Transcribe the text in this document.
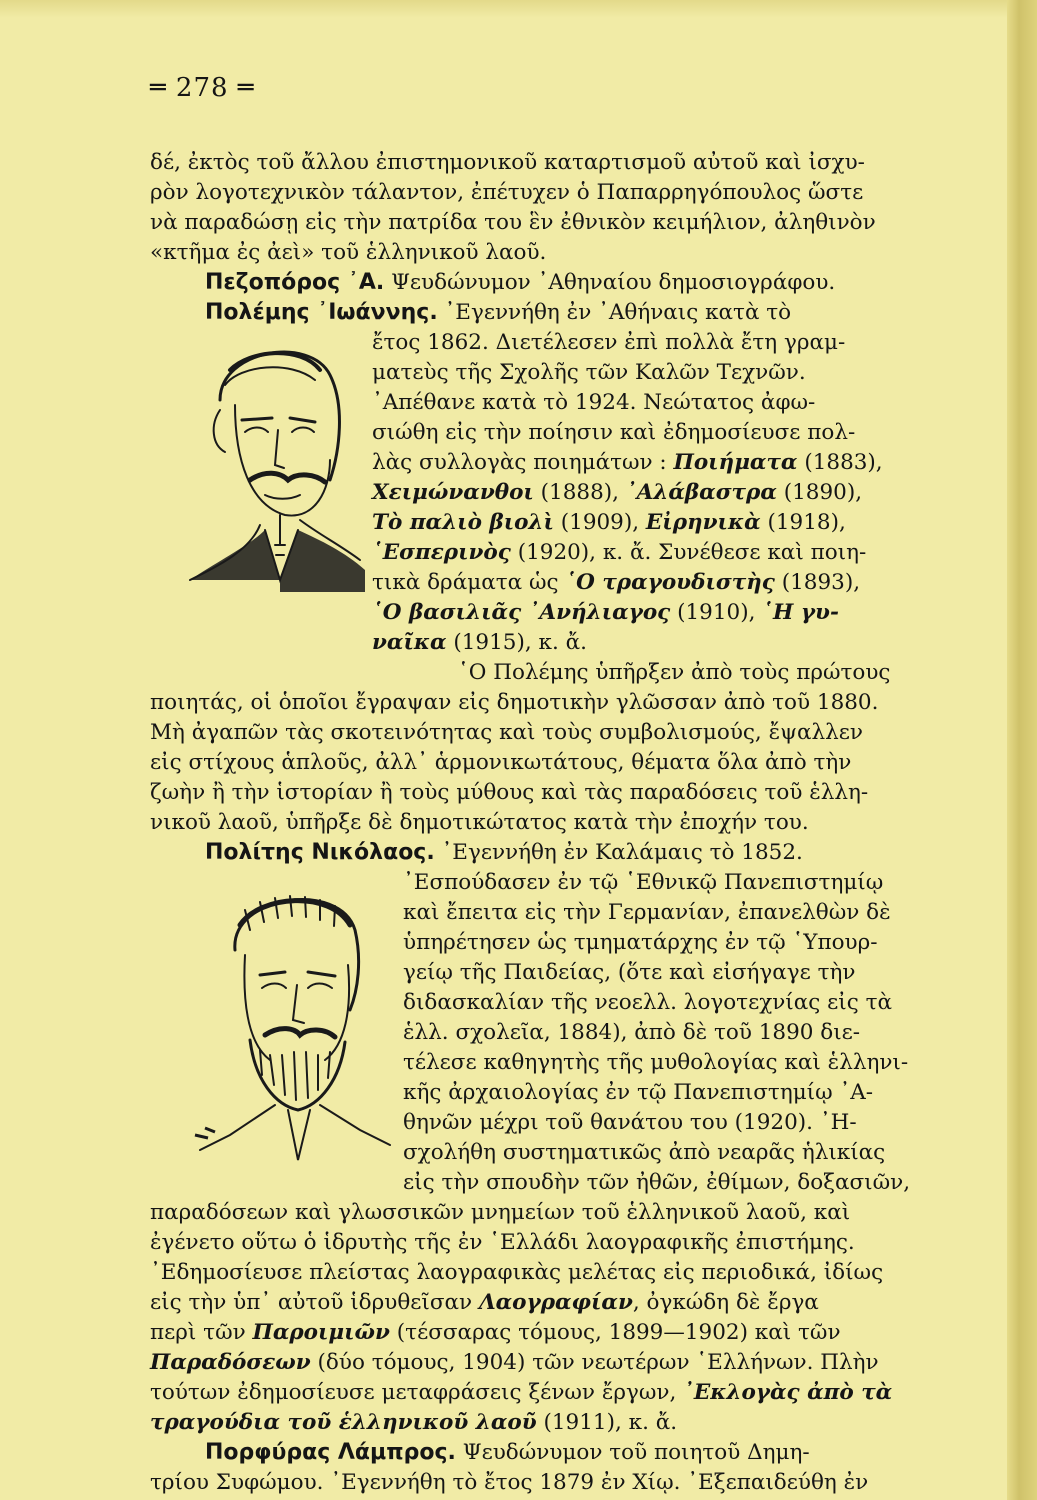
═ 278 ═
δέ, ἐκτὸς τοῦ ἄλλου ἐπιστημονικοῦ καταρτισμοῦ αὐτοῦ καὶ ἰσχυ-
ρὸν λογοτεχνικὸν τάλαντον, ἐπέτυχεν ὁ Παπαρρηγόπουλος ὥστε
νὰ παραδώσῃ εἰς τὴν πατρίδα του ἓν ἐθνικὸν κειμήλιον, ἀληθινὸν
«κτῆμα ἐς ἀεὶ» τοῦ ἑλληνικοῦ λαοῦ.
Πεζοπόρος ᾽Α. Ψευδώνυμον ᾽Αθηναίου δημοσιογράφου.
Πολέμης ᾽Ιωάννης. ᾽Εγεννήθη ἐν ᾽Αθήναις κατὰ τὸ
ἔτος 1862. Διετέλεσεν ἐπὶ πολλὰ ἔτη γραμ-
ματεὺς τῆς Σχολῆς τῶν Καλῶν Τεχνῶν.
᾽Απέθανε κατὰ τὸ 1924. Νεώτατος ἀφω-
σιώθη εἰς τὴν ποίησιν καὶ ἐδημοσίευσε πολ-
λὰς συλλογὰς ποιημάτων : Ποιήματα (1883),
Χειμώνανθοι (1888), ᾽Αλάβαστρα (1890),
Τὸ παλιὸ βιολὶ (1909), Εἰρηνικὰ (1918),
῾Εσπερινὸς (1920), κ. ἄ. Συνέθεσε καὶ ποιη-
τικὰ δράματα ὡς ῾Ο τραγουδιστὴς (1893),
῾Ο βασιλιᾶς ᾽Ανήλιαγος (1910), ῾Η γυ-
ναῖκα (1915), κ. ἄ.
῾Ο Πολέμης ὑπῆρξεν ἀπὸ τοὺς πρώτους
ποιητάς, οἱ ὁποῖοι ἔγραψαν εἰς δημοτικὴν γλῶσσαν ἀπὸ τοῦ 1880.
Μὴ ἀγαπῶν τὰς σκοτεινότητας καὶ τοὺς συμβολισμούς, ἔψαλλεν
εἰς στίχους ἁπλοῦς, ἀλλ᾽ ἁρμονικωτάτους, θέματα ὅλα ἀπὸ τὴν
ζωὴν ἢ τὴν ἱστορίαν ἢ τοὺς μύθους καὶ τὰς παραδόσεις τοῦ ἑλλη-
νικοῦ λαοῦ, ὑπῆρξε δὲ δημοτικώτατος κατὰ τὴν ἐποχήν του.
Πολίτης Νικόλαος. ᾽Εγεννήθη ἐν Καλάμαις τὸ 1852.
᾽Εσπούδασεν ἐν τῷ ῾Εθνικῷ Πανεπιστημίῳ
καὶ ἔπειτα εἰς τὴν Γερμανίαν, ἐπανελθὼν δὲ
ὑπηρέτησεν ὡς τμηματάρχης ἐν τῷ ῾Υπουρ-
γείῳ τῆς Παιδείας, (ὅτε καὶ εἰσήγαγε τὴν
διδασκαλίαν τῆς νεοελλ. λογοτεχνίας εἰς τὰ
ἑλλ. σχολεῖα, 1884), ἀπὸ δὲ τοῦ 1890 διε-
τέλεσε καθηγητὴς τῆς μυθολογίας καὶ ἑλληνι-
κῆς ἀρχαιολογίας ἐν τῷ Πανεπιστημίῳ ᾽Α-
θηνῶν μέχρι τοῦ θανάτου του (1920). ᾽Η-
σχολήθη συστηματικῶς ἀπὸ νεαρᾶς ἡλικίας
εἰς τὴν σπουδὴν τῶν ἠθῶν, ἐθίμων, δοξασιῶν,
παραδόσεων καὶ γλωσσικῶν μνημείων τοῦ ἑλληνικοῦ λαοῦ, καὶ
ἐγένετο οὕτω ὁ ἱδρυτὴς τῆς ἐν ῾Ελλάδι λαογραφικῆς ἐπιστήμης.
᾽Εδημοσίευσε πλείστας λαογραφικὰς μελέτας εἰς περιοδικά, ἰδίως
εἰς τὴν ὑπ᾽ αὐτοῦ ἱδρυθεῖσαν Λαογραφίαν, ὀγκώδη δὲ ἔργα
περὶ τῶν Παροιμιῶν (τέσσαρας τόμους, 1899—1902) καὶ τῶν
Παραδόσεων (δύο τόμους, 1904) τῶν νεωτέρων ῾Ελλήνων. Πλὴν
τούτων ἐδημοσίευσε μεταφράσεις ξένων ἔργων, ᾽Εκλογὰς ἀπὸ τὰ
τραγούδια τοῦ ἑλληνικοῦ λαοῦ (1911), κ. ἄ.
Πορφύρας Λάμπρος. Ψευδώνυμον τοῦ ποιητοῦ Δημη-
τρίου Συφώμου. ᾽Εγεννήθη τὸ ἔτος 1879 ἐν Χίῳ. ᾽Εξεπαιδεύθη ἐν
